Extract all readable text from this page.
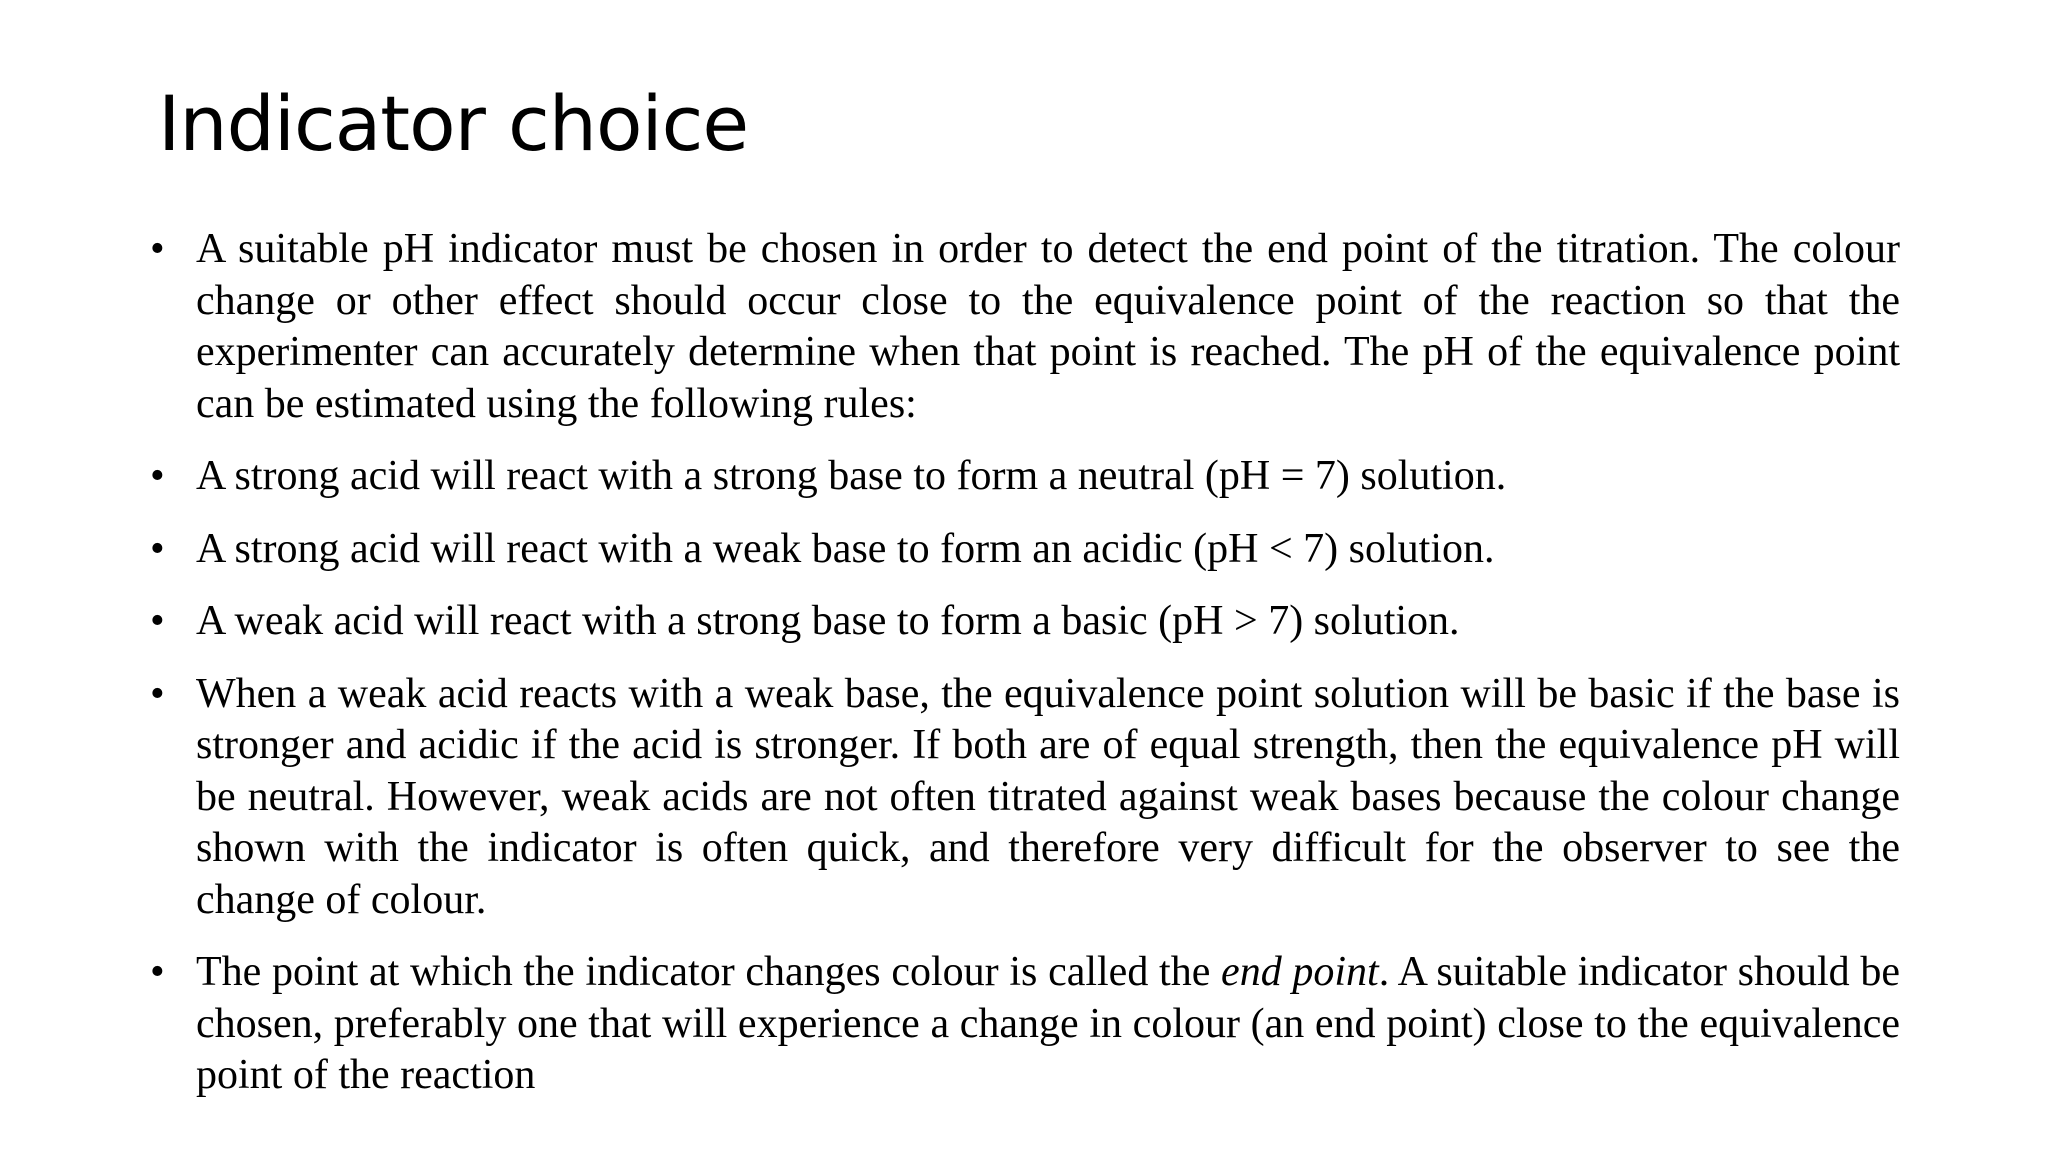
Indicator choice
• A suitable pH indicator must be chosen in order to detect the end point of the titration. The colour change or other effect should occur close to the equivalence point of the reaction so that the experimenter can accurately determine when that point is reached. The pH of the equivalence point can be estimated using the following rules:
• A strong acid will react with a strong base to form a neutral (pH = 7) solution.
• A strong acid will react with a weak base to form an acidic (pH < 7) solution.
• A weak acid will react with a strong base to form a basic (pH > 7) solution.
• When a weak acid reacts with a weak base, the equivalence point solution will be basic if the base is stronger and acidic if the acid is stronger. If both are of equal strength, then the equivalence pH will be neutral. However, weak acids are not often titrated against weak bases because the colour change shown with the indicator is often quick, and therefore very difficult for the observer to see the change of colour.
• The point at which the indicator changes colour is called the end point. A suitable indicator should be chosen, preferably one that will experience a change in colour (an end point) close to the equivalence point of the reaction
